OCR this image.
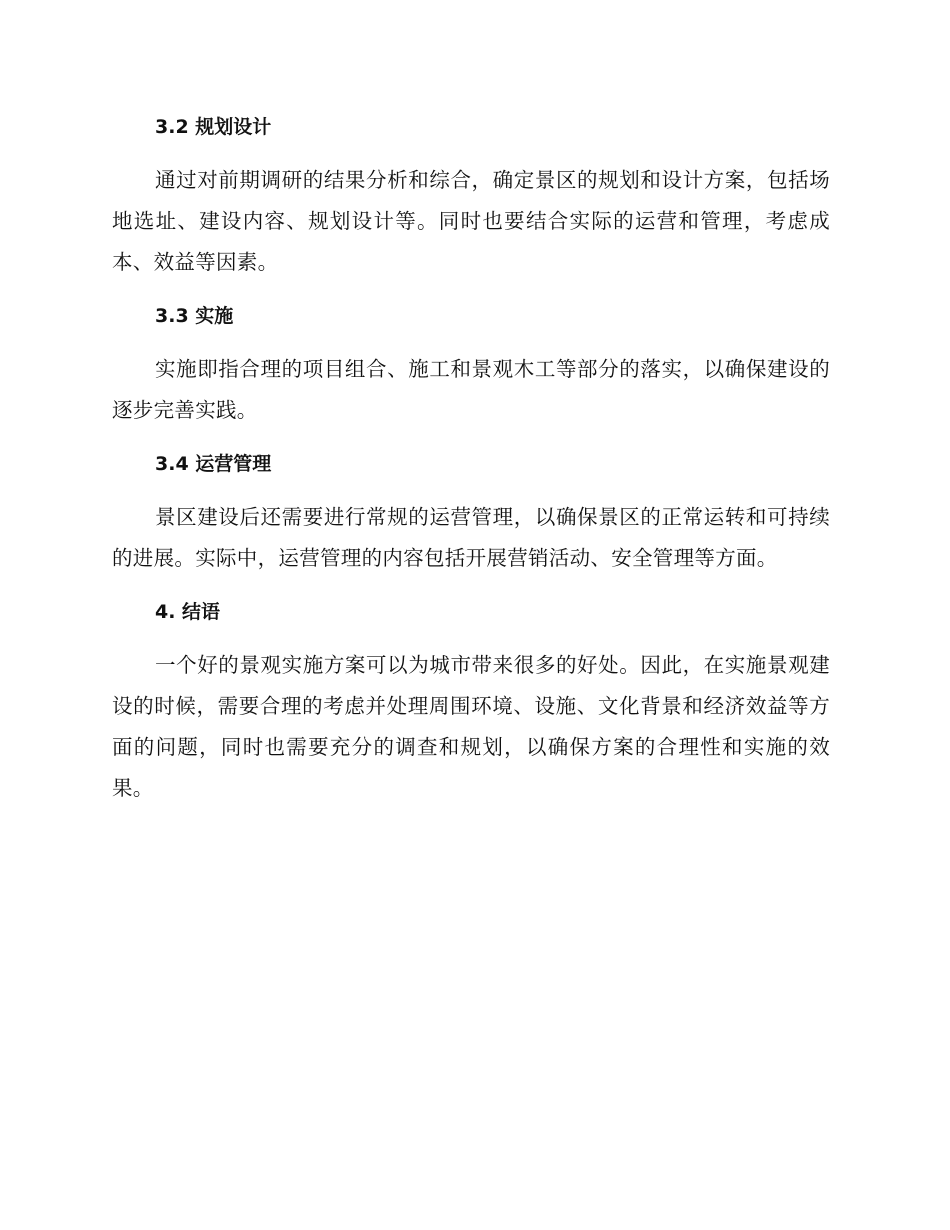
3.2 规划设计

通过对前期调研的结果分析和综合，确定景区的规划和设计方案，包括场地选址、建设内容、规划设计等。同时也要结合实际的运营和管理，考虑成本、效益等因素。

3.3 实施

实施即指合理的项目组合、施工和景观木工等部分的落实，以确保建设的逐步完善实践。

3.4 运营管理

景区建设后还需要进行常规的运营管理，以确保景区的正常运转和可持续的进展。实际中，运营管理的内容包括开展营销活动、安全管理等方面。

4. 结语

一个好的景观实施方案可以为城市带来很多的好处。因此，在实施景观建设的时候，需要合理的考虑并处理周围环境、设施、文化背景和经济效益等方面的问题，同时也需要充分的调查和规划，以确保方案的合理性和实施的效果。
